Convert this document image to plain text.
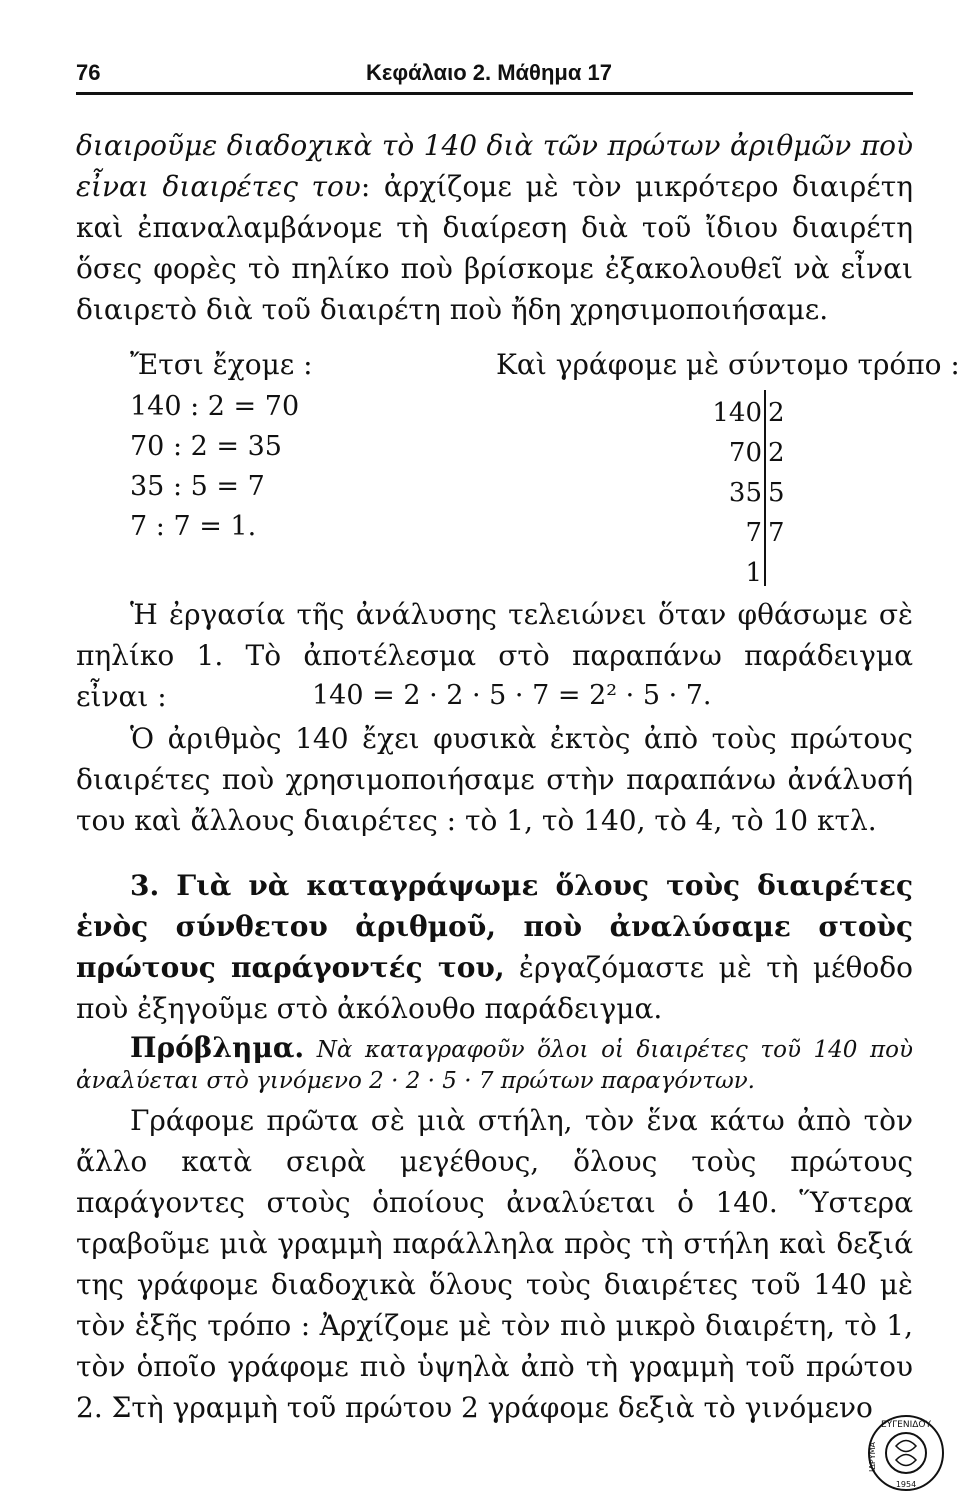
76	Κεφάλαιο 2. Μάθημα 17

διαιροῦμε διαδοχικὰ τὸ 140 διὰ τῶν πρώτων ἀριθμῶν ποὺ εἶναι διαιρέτες του: ἀρχίζομε μὲ τὸν μικρότερο διαιρέτη καὶ ἐπαναλαμβάνομε τὴ διαίρεση διὰ τοῦ ἴδιου διαιρέτη ὅσες φορὲς τὸ πηλίκο ποὺ βρίσκομε ἐξακολουθεῖ νὰ εἶναι διαιρετὸ διὰ τοῦ διαιρέτη ποὺ ἤδη χρησιμοποιήσαμε.

Ἔτσι ἔχομε :	Καὶ γράφομε μὲ σύντομο τρόπο :
140 : 2 = 70
70 : 2 = 35
35 : 5 = 7
7 : 7 = 1.
140 2
70 2
35 5
7 7
1

Ἡ ἐργασία τῆς ἀνάλυσης τελειώνει ὅταν φθάσωμε σὲ πηλίκο 1. Τὸ ἀποτέλεσμα στὸ παραπάνω παράδειγμα εἶναι :	140 = 2 · 2 · 5 · 7 = 2² · 5 · 7.

Ὁ ἀριθμὸς 140 ἔχει φυσικὰ ἐκτὸς ἀπὸ τοὺς πρώτους διαιρέτες ποὺ χρησιμοποιήσαμε στὴν παραπάνω ἀνάλυσή του καὶ ἄλλους διαιρέτες : τὸ 1, τὸ 140, τὸ 4, τὸ 10 κτλ.

3. Γιὰ νὰ καταγράψωμε ὅλους τοὺς διαιρέτες ἑνὸς σύνθετου ἀριθμοῦ, ποὺ ἀναλύσαμε στοὺς πρώτους παράγοντές του, ἐργαζόμαστε μὲ τὴ μέθοδο ποὺ ἐξηγοῦμε στὸ ἀκόλουθο παράδειγμα.

Πρόβλημα. Νὰ καταγραφοῦν ὅλοι οἱ διαιρέτες τοῦ 140 ποὺ ἀναλύεται στὸ γινόμενο 2 · 2 · 5 · 7 πρώτων παραγόντων.

Γράφομε πρῶτα σὲ μιὰ στήλη, τὸν ἕνα κάτω ἀπὸ τὸν ἄλλο κατὰ σειρὰ μεγέθους, ὅλους τοὺς πρώτους παράγοντες στοὺς ὁποίους ἀναλύεται ὁ 140. Ὕστερα τραβοῦμε μιὰ γραμμὴ παράλληλα πρὸς τὴ στήλη καὶ δεξιά της γράφομε διαδοχικὰ ὅλους τοὺς διαιρέτες τοῦ 140 μὲ τὸν ἑξῆς τρόπο : Ἀρχίζομε μὲ τὸν πιὸ μικρὸ διαιρέτη, τὸ 1, τὸν ὁποῖο γράφομε πιὸ ὑψηλὰ ἀπὸ τὴ γραμμὴ τοῦ πρώτου 2. Στὴ γραμμὴ τοῦ πρώτου 2 γράφομε δεξιὰ τὸ γινόμενο

ΕΥΓΕΝΙΔΟΥ
ΙΔΡΥΜΑ
1954
